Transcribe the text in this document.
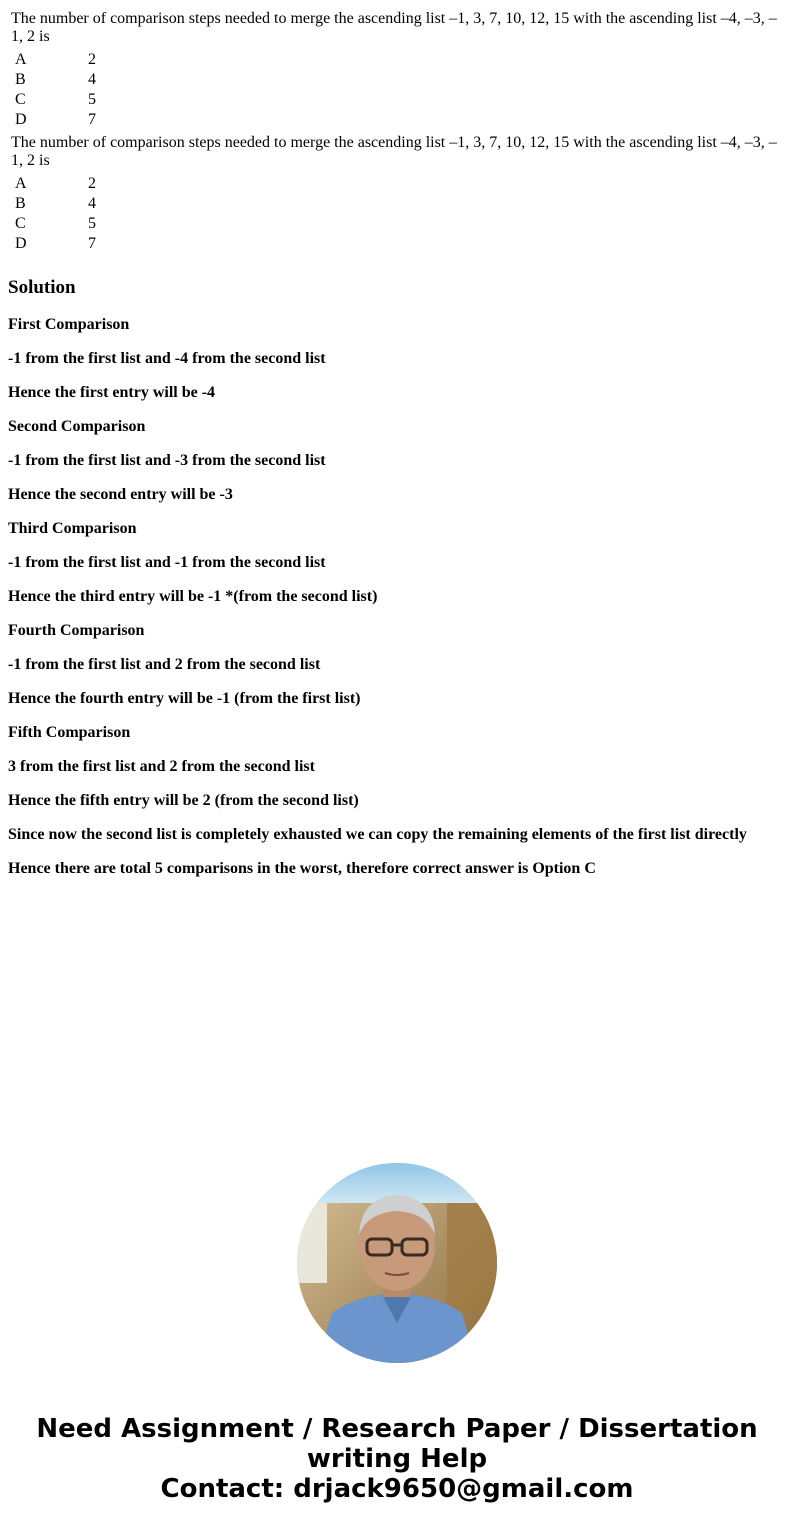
The number of comparison steps needed to merge the ascending list –1, 3, 7, 10, 12, 15 with the ascending list –4, –3, –1, 2 is
A	2
B	4
C	5
D	7
The number of comparison steps needed to merge the ascending list –1, 3, 7, 10, 12, 15 with the ascending list –4, –3, –1, 2 is
A	2
B	4
C	5
D	7
Solution

First Comparison

-1 from the first list and -4 from the second list

Hence the first entry will be -4

Second Comparison

-1 from the first list and -3 from the second list

Hence the second entry will be -3

Third Comparison

-1 from the first list and -1 from the second list

Hence the third entry will be -1 *(from the second list)

Fourth Comparison

-1 from the first list and 2 from the second list

Hence the fourth entry will be -1 (from the first list)

Fifth Comparison

3 from the first list and 2 from the second list

Hence the fifth entry will be 2 (from the second list)

Since now the second list is completely exhausted we can copy the remaining elements of the first list directly

Hence there are total 5 comparisons in the worst, therefore correct answer is Option C

Need Assignment / Research Paper / Dissertation
writing Help
Contact: drjack9650@gmail.com
